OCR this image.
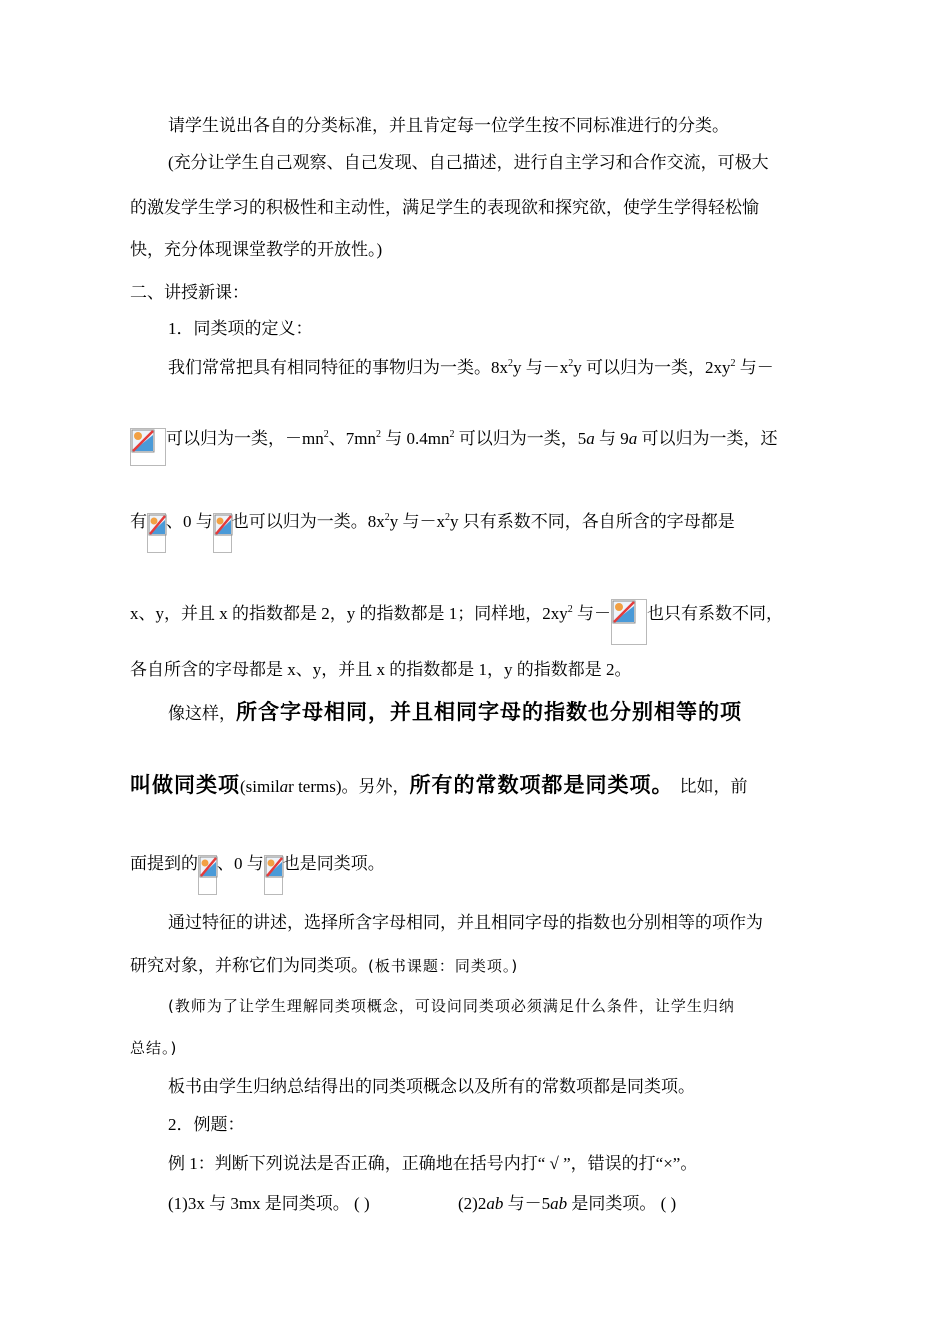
请学生说出各自的分类标准，并且肯定每一位学生按不同标准进行的分类。
(充分让学生自己观察、自己发现、自己描述，进行自主学习和合作交流，可极大
的激发学生学习的积极性和主动性，满足学生的表现欲和探究欲，使学生学得轻松愉
快，充分体现课堂教学的开放性。)
二、讲授新课：
1．同类项的定义：
我们常常把具有相同特征的事物归为一类。$8x^2y$ 与$-x^2y$ 可以归为一类，$2xy^2$ 与－
可以归为一类，$-mn^2$、$7mn^2$ 与 $0.4mn^2$ 可以归为一类，5a 与 9a 可以归为一类，还
有 、0 与 也可以归为一类。$8x^2y$ 与$-x^2y$ 只有系数不同，各自所含的字母都是
x、y，并且 x 的指数都是 2，y 的指数都是 1；同样地，$2xy^2$ 与－ 也只有系数不同，
各自所含的字母都是 x、y，并且 x 的指数都是 1，y 的指数都是 2。
像这样，所含字母相同，并且相同字母的指数也分别相等的项
叫做同类项(similar terms)。另外，所有的常数项都是同类项。 比如，前
面提到的 、0 与 也是同类项。
通过特征的讲述，选择所含字母相同，并且相同字母的指数也分别相等的项作为
研究对象，并称它们为同类项。(板书课题：同类项。)
(教师为了让学生理解同类项概念，可设问同类项必须满足什么条件，让学生归纳
总结。)
板书由学生归纳总结得出的同类项概念以及所有的常数项都是同类项。
2．例题：
例 1：判断下列说法是否正确，正确地在括号内打“ √ ”，错误的打“×”。
(1)3x 与 3mx 是同类项。 ( )	(2)2ab 与－5ab 是同类项。 ( )
